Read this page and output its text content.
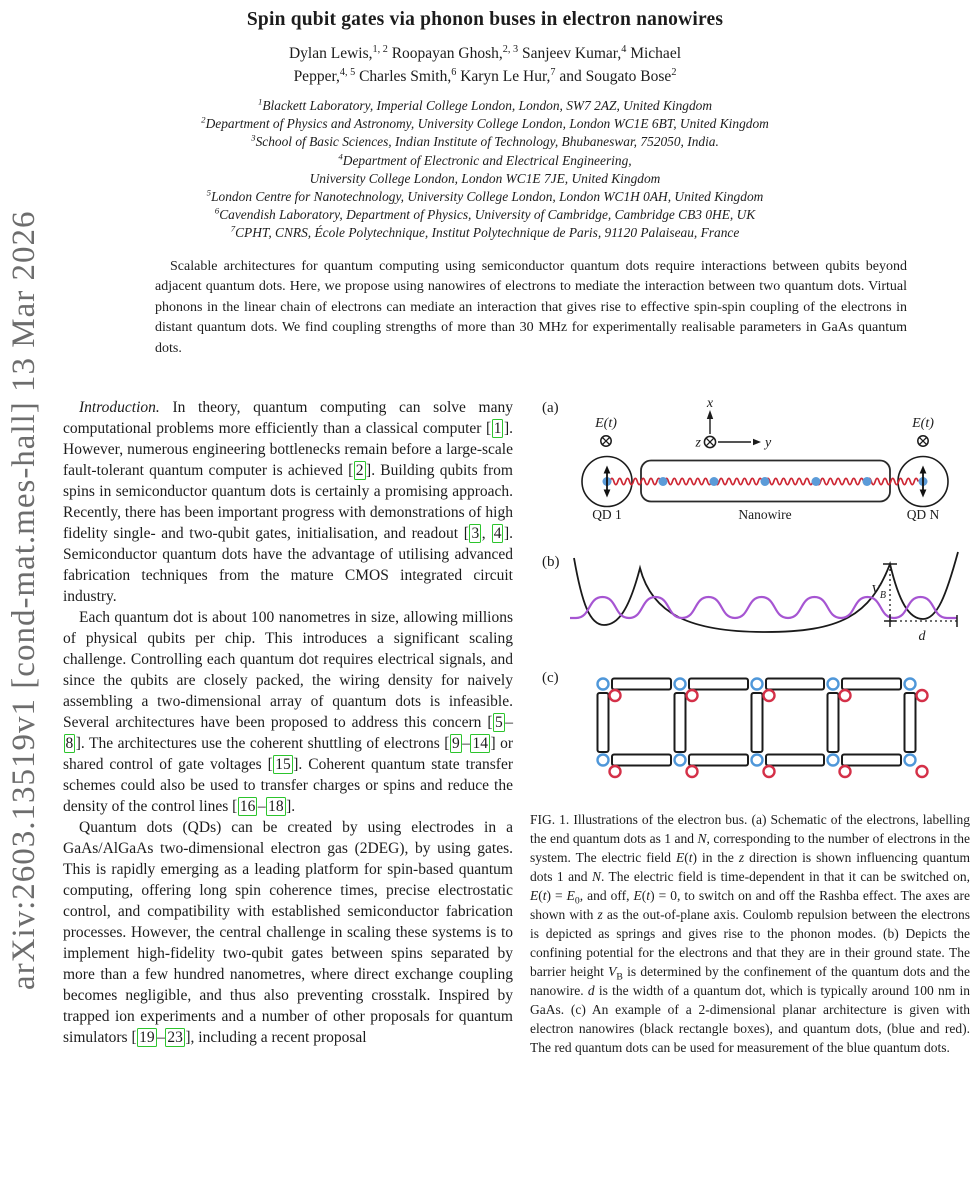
arXiv:2603.13519v1 [cond-mat.mes-hall] 13 Mar 2026
Spin qubit gates via phonon buses in electron nanowires
Dylan Lewis,$^{1, 2}$ Roopayan Ghosh,$^{2, 3}$ Sanjeev Kumar,$^4$ Michael
Pepper,$^{4, 5}$ Charles Smith,$^6$ Karyn Le Hur,$^7$ and Sougato Bose$^2$
$^1$Blackett Laboratory, Imperial College London, London, SW7 2AZ, United Kingdom
$^2$Department of Physics and Astronomy, University College London, London WC1E 6BT, United Kingdom
$^3$School of Basic Sciences, Indian Institute of Technology, Bhubaneswar, 752050, India.
$^4$Department of Electronic and Electrical Engineering,
University College London, London WC1E 7JE, United Kingdom
$^5$London Centre for Nanotechnology, University College London, London WC1H 0AH, United Kingdom
$^6$Cavendish Laboratory, Department of Physics, University of Cambridge, Cambridge CB3 0HE, UK
$^7$CPHT, CNRS, École Polytechnique, Institut Polytechnique de Paris, 91120 Palaiseau, France
Scalable architectures for quantum computing using semiconductor quantum dots require interactions between qubits beyond adjacent quantum dots. Here, we propose using nanowires of electrons to mediate the interaction between two quantum dots. Virtual phonons in the linear chain of electrons can mediate an interaction that gives rise to effective spin-spin coupling of the electrons in distant quantum dots. We find coupling strengths of more than 30 MHz for experimentally realisable parameters in GaAs quantum dots.

Introduction. In theory, quantum computing can solve many computational problems more efficiently than a classical computer [ 1 ]. However, numerous engineering bottlenecks remain before a large-scale fault-tolerant quantum computer is achieved [ 2 ]. Building qubits from spins in semiconductor quantum dots is certainly a promising approach. Recently, there has been important progress with demonstrations of high fidelity single- and two-qubit gates, initialisation, and readout [ 3 , 4 ]. Semiconductor quantum dots have the advantage of utilising advanced fabrication techniques from the mature CMOS integrated circuit industry.

Each quantum dot is about 100 nanometres in size, allowing millions of physical qubits per chip. This introduces a significant scaling challenge. Controlling each quantum dot requires electrical signals, and since the qubits are closely packed, the wiring density for naively assembling a two-dimensional array of quantum dots is infeasible. Several architectures have been proposed to address this concern [ 5 –8 ]. The architectures use the coherent shuttling of electrons [ 9 – 14 ] or shared control of gate voltages [ 15 ]. Coherent quantum state transfer schemes could also be used to transfer charges or spins and reduce the density of the control lines [ 16 – 18 ].

Quantum dots (QDs) can be created by using electrodes in a GaAs/AlGaAs two-dimensional electron gas (2DEG), by using gates. This is rapidly emerging as a leading platform for spin-based quantum computing, offering long spin coherence times, precise electrostatic control, and compatibility with established semiconductor fabrication processes. However, the central challenge in scaling these systems is to implement high-fidelity two-qubit gates between spins separated by more than a few hundred nanometres, where direct exchange coupling becomes negligible, and thus also preventing crosstalk. Inspired by trapped ion experiments and a number of other proposals for quantum simulators [ 19 – 23 ], including a recent proposal

(a)
E(t)	E(t)
x
y
z
QD 1	Nanowire	QD N
(b)
$V_B$
d
(c)
FIG. 1. Illustrations of the electron bus. (a) Schematic of the electrons, labelling the end quantum dots as 1 and N, corresponding to the number of electrons in the system. The electric field E(t) in the z direction is shown influencing quantum dots 1 and N. The electric field is time-dependent in that it can be switched on, $E(t) = E_0$, and off, E(t) = 0, to switch on and off the Rashba effect. The axes are shown with z as the out-of-plane axis. Coulomb repulsion between the electrons is depicted as springs and gives rise to the phonon modes. (b) Depicts the confining potential for the electrons and that they are in their ground state. The barrier height $V_B$ is determined by the confinement of the quantum dots and the nanowire. d is the width of a quantum dot, which is typically around 100 nm in GaAs. (c) An example of a 2-dimensional planar architecture is given with electron nanowires (black rectangle boxes), and quantum dots, (blue and red). The red quantum dots can be used for measurement of the blue quantum dots.
